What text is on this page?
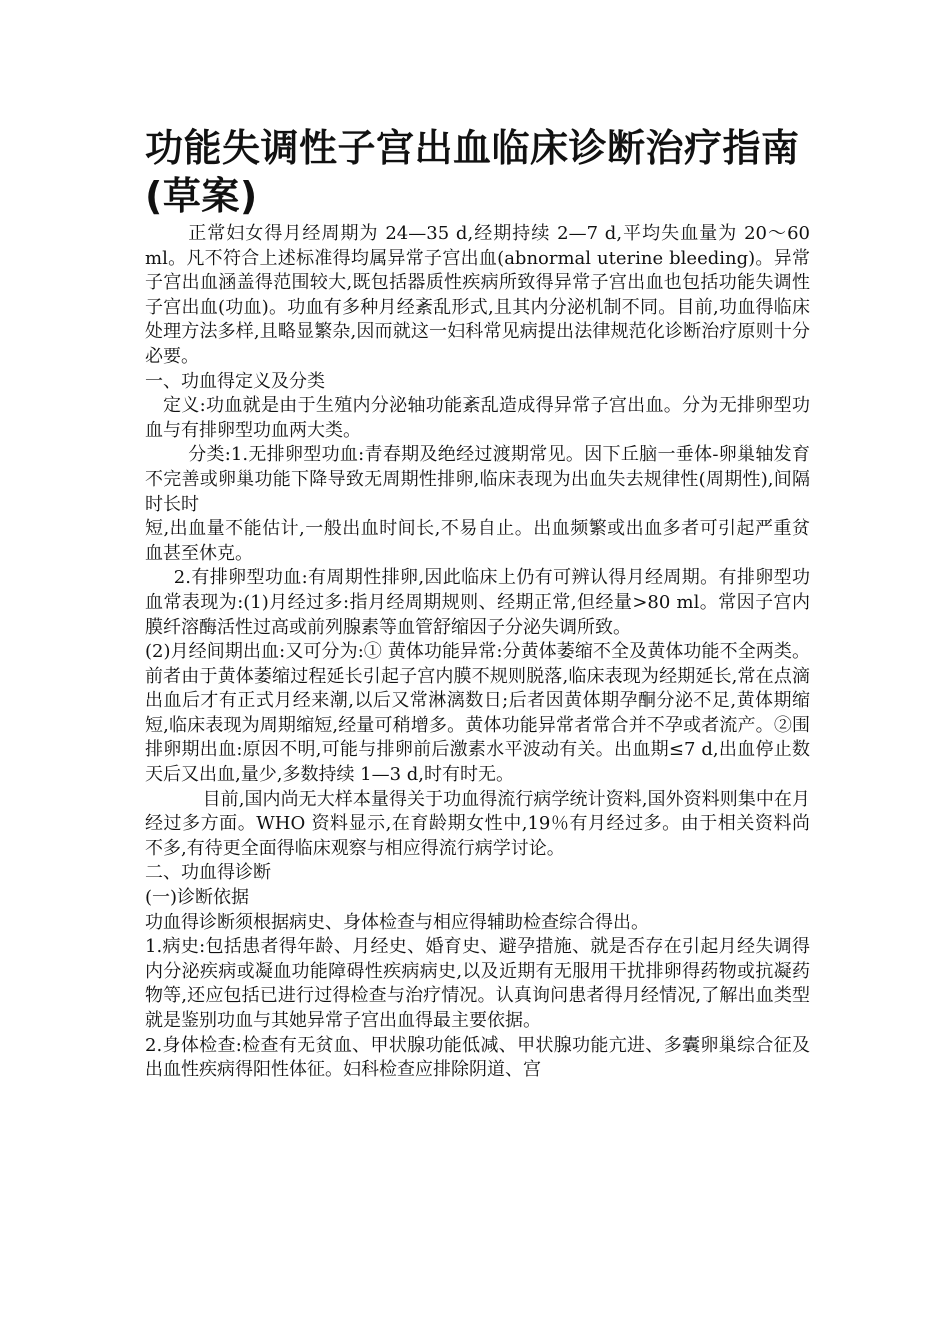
功能失调性子宫出血临床诊断治疗指南(草案)

正常妇女得月经周期为 24—35 d,经期持续 2—7 d,平均失血量为 20～60 ml。凡不符合上述标准得均属异常子宫出血(abnormal uterine bleeding)。异常子宫出血涵盖得范围较大,既包括器质性疾病所致得异常子宫出血也包括功能失调性子宫出血(功血)。功血有多种月经紊乱形式,且其内分泌机制不同。目前,功血得临床处理方法多样,且略显繁杂,因而就这一妇科常见病提出法律规范化诊断治疗原则十分必要。

一、功血得定义及分类

定义:功血就是由于生殖内分泌轴功能紊乱造成得异常子宫出血。分为无排卵型功血与有排卵型功血两大类。

分类:1.无排卵型功血:青春期及绝经过渡期常见。因下丘脑一垂体-卵巢轴发育不完善或卵巢功能下降导致无周期性排卵,临床表现为出血失去规律性(周期性),间隔时长时

短,出血量不能估计,一般出血时间长,不易自止。出血频繁或出血多者可引起严重贫血甚至休克。

2.有排卵型功血:有周期性排卵,因此临床上仍有可辨认得月经周期。有排卵型功血常表现为:(1)月经过多:指月经周期规则、经期正常,但经量>80 ml。常因子宫内膜纤溶酶活性过高或前列腺素等血管舒缩因子分泌失调所致。

(2)月经间期出血:又可分为:① 黄体功能异常:分黄体萎缩不全及黄体功能不全两类。前者由于黄体萎缩过程延长引起子宫内膜不规则脱落,临床表现为经期延长,常在点滴出血后才有正式月经来潮,以后又常淋漓数日;后者因黄体期孕酮分泌不足,黄体期缩短,临床表现为周期缩短,经量可稍增多。黄体功能异常者常合并不孕或者流产。②围排卵期出血:原因不明,可能与排卵前后激素水平波动有关。出血期≤7 d,出血停止数天后又出血,量少,多数持续 1—3 d,时有时无。

目前,国内尚无大样本量得关于功血得流行病学统计资料,国外资料则集中在月经过多方面。WHO 资料显示,在育龄期女性中,19％有月经过多。由于相关资料尚不多,有待更全面得临床观察与相应得流行病学讨论。

二、功血得诊断

(一)诊断依据

功血得诊断须根据病史、身体检查与相应得辅助检查综合得出。

1.病史:包括患者得年龄、月经史、婚育史、避孕措施、就是否存在引起月经失调得内分泌疾病或凝血功能障碍性疾病病史,以及近期有无服用干扰排卵得药物或抗凝药物等,还应包括已进行过得检查与治疗情况。认真询问患者得月经情况,了解出血类型就是鉴别功血与其她异常子宫出血得最主要依据。

2.身体检查:检查有无贫血、甲状腺功能低减、甲状腺功能亢进、多囊卵巢综合征及出血性疾病得阳性体征。妇科检查应排除阴道、宫
